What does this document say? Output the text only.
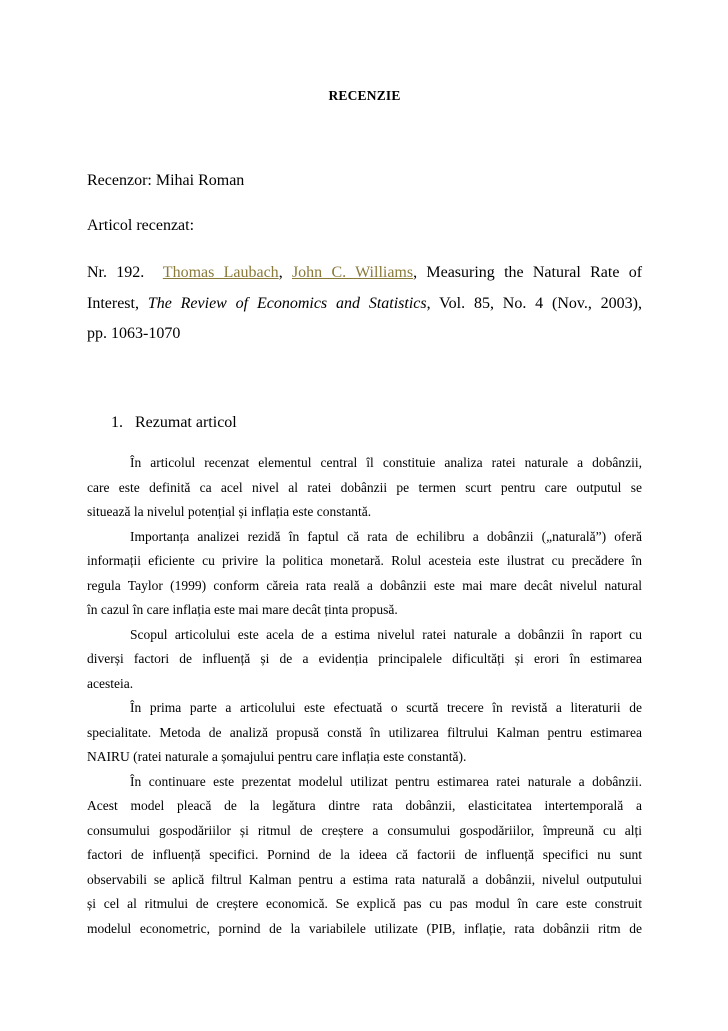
RECENZIE
Recenzor: Mihai Roman
Articol recenzat:
Nr. 192. Thomas Laubach, John C. Williams, Measuring the Natural Rate of
Interest, The Review of Economics and Statistics, Vol. 85, No. 4 (Nov., 2003),
pp. 1063-1070
1. Rezumat articol
În articolul recenzat elementul central îl constituie analiza ratei naturale a dobânzii,
care este definită ca acel nivel al ratei dobânzii pe termen scurt pentru care outputul se
situează la nivelul potențial și inflația este constantă.
Importanța analizei rezidă în faptul că rata de echilibru a dobânzii („naturală”) oferă
informații eficiente cu privire la politica monetară. Rolul acesteia este ilustrat cu precădere în
regula Taylor (1999) conform căreia rata reală a dobânzii este mai mare decât nivelul natural
în cazul în care inflația este mai mare decât ținta propusă.
Scopul articolului este acela de a estima nivelul ratei naturale a dobânzii în raport cu
diverși factori de influență și de a evidenția principalele dificultăți și erori în estimarea
acesteia.
În prima parte a articolului este efectuată o scurtă trecere în revistă a literaturii de
specialitate. Metoda de analiză propusă constă în utilizarea filtrului Kalman pentru estimarea
NAIRU (ratei naturale a șomajului pentru care inflația este constantă).
În continuare este prezentat modelul utilizat pentru estimarea ratei naturale a dobânzii.
Acest model pleacă de la legătura dintre rata dobânzii, elasticitatea intertemporală a
consumului gospodăriilor și ritmul de creștere a consumului gospodăriilor, împreună cu alți
factori de influență specifici. Pornind de la ideea că factorii de influență specifici nu sunt
observabili se aplică filtrul Kalman pentru a estima rata naturală a dobânzii, nivelul outputului
și cel al ritmului de creștere economică. Se explică pas cu pas modul în care este construit
modelul econometric, pornind de la variabilele utilizate (PIB, inflație, rata dobânzii ritm de
